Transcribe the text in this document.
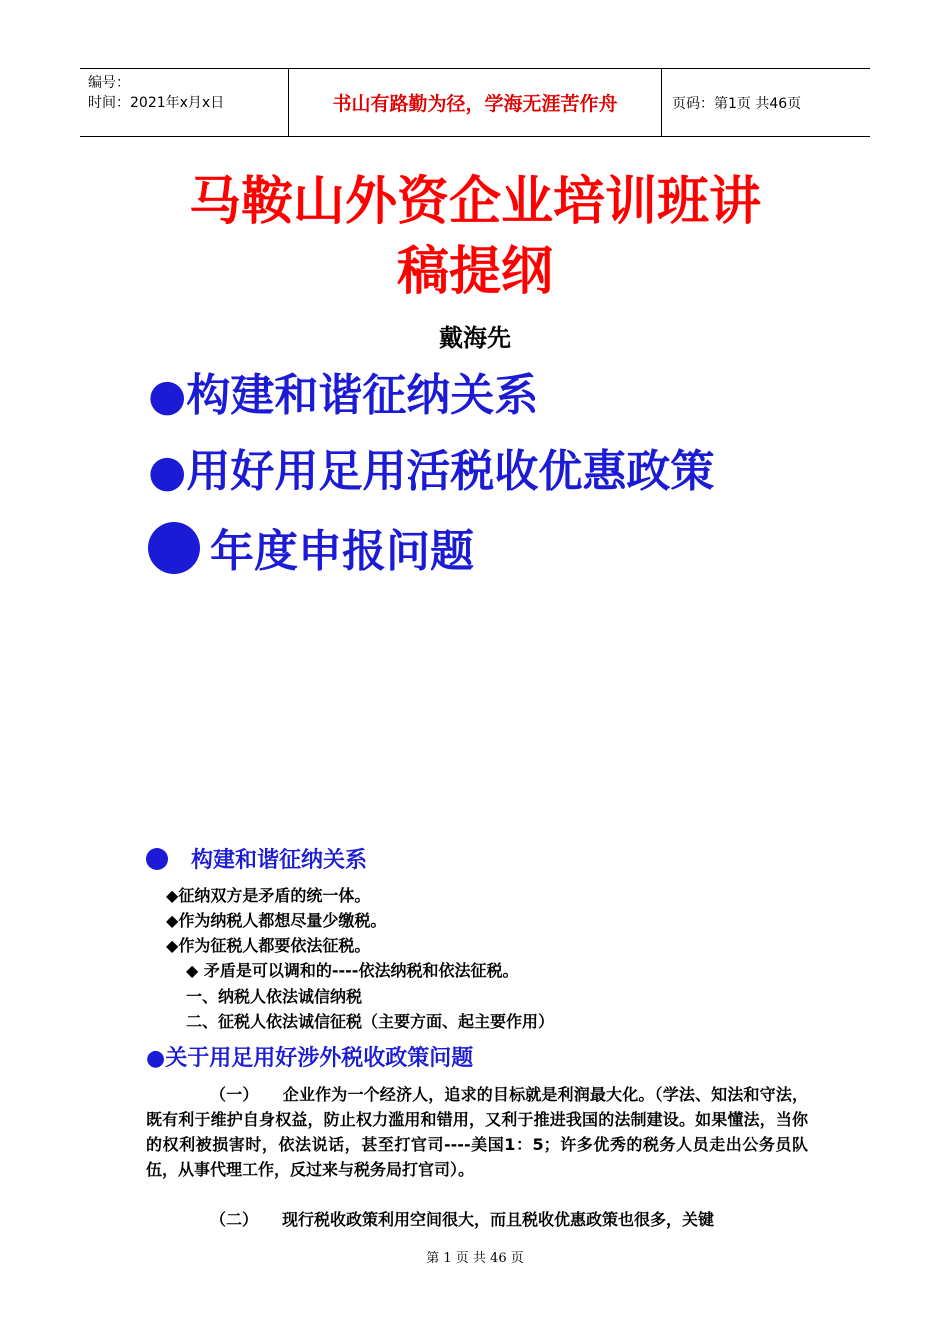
编号：
时间：2021年x月x日	书山有路勤为径，学海无涯苦作舟	页码：第1页 共46页
马鞍山外资企业培训班讲
稿提纲
戴海先
●构建和谐征纳关系
●用好用足用活税收优惠政策
年度申报问题
构建和谐征纳关系
◆征纳双方是矛盾的统一体。
◆作为纳税人都想尽量少缴税。
◆作为征税人都要依法征税。
◆ 矛盾是可以调和的----依法纳税和依法征税。
一、纳税人依法诚信纳税
二、征税人依法诚信征税（主要方面、起主要作用）
●关于用足用好涉外税收政策问题
（一）　　企业作为一个经济人，追求的目标就是利润最大化。（学法、知法和守法，既有利于维护自身权益，防止权力滥用和错用，又利于推进我国的法制建设。如果懂法，当你的权利被损害时，依法说话，甚至打官司----美国1：5；许多优秀的税务人员走出公务员队伍，从事代理工作，反过来与税务局打官司）。
（二）　　现行税收政策利用空间很大，而且税收优惠政策也很多，关键
第 1 页 共 46 页
